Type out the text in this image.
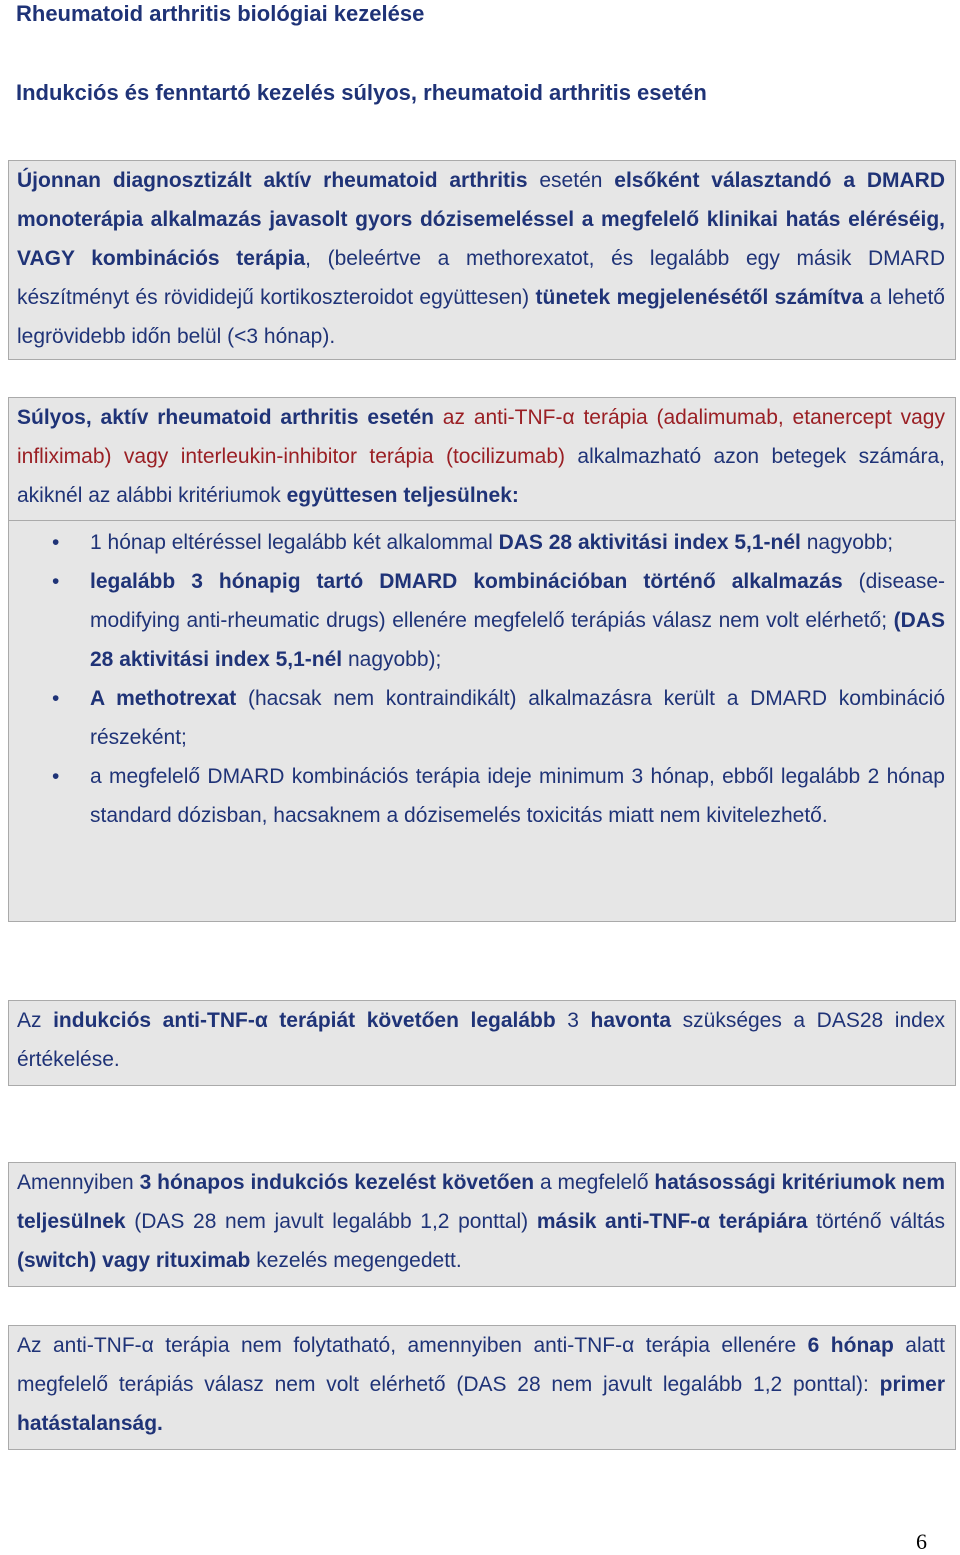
Rheumatoid arthritis biológiai kezelése
Indukciós és fenntartó kezelés súlyos, rheumatoid arthritis esetén

Újonnan diagnosztizált aktív rheumatoid arthritis esetén elsőként választandó a DMARD monoterápia alkalmazás javasolt gyors dózisemeléssel a megfelelő klinikai hatás eléréséig, VAGY kombinációs terápia, (beleértve a methorexatot, és legalább egy másik DMARD készítményt és rövididejű kortikoszteroidot együttesen) tünetek megjelenésétől számítva a lehető legrövidebb időn belül (<3 hónap).

Súlyos, aktív rheumatoid arthritis esetén az anti-TNF-α terápia (adalimumab, etanercept vagy infliximab) vagy interleukin-inhibitor terápia (tocilizumab) alkalmazható azon betegek számára, akiknél az alábbi kritériumok együttesen teljesülnek:

• 1 hónap eltéréssel legalább két alkalommal DAS 28 aktivitási index 5,1-nél nagyobb;
• legalább 3 hónapig tartó DMARD kombinációban történő alkalmazás (disease-modifying anti-rheumatic drugs) ellenére megfelelő terápiás válasz nem volt elérhető; (DAS 28 aktivitási index 5,1-nél nagyobb);
• A methotrexat (hacsak nem kontraindikált) alkalmazásra került a DMARD kombináció részeként;
• a megfelelő DMARD kombinációs terápia ideje minimum 3 hónap, ebből legalább 2 hónap standard dózisban, hacsaknem a dózisemelés toxicitás miatt nem kivitelezhető.

Az indukciós anti-TNF-α terápiát követően legalább 3 havonta szükséges a DAS28 index értékelése.

Amennyiben 3 hónapos indukciós kezelést követően a megfelelő hatásossági kritériumok nem teljesülnek (DAS 28 nem javult legalább 1,2 ponttal) másik anti-TNF-α terápiára történő váltás (switch) vagy rituximab kezelés megengedett.

Az anti-TNF-α terápia nem folytatható, amennyiben anti-TNF-α terápia ellenére 6 hónap alatt megfelelő terápiás válasz nem volt elérhető (DAS 28 nem javult legalább 1,2 ponttal): primer hatástalanság.

6
